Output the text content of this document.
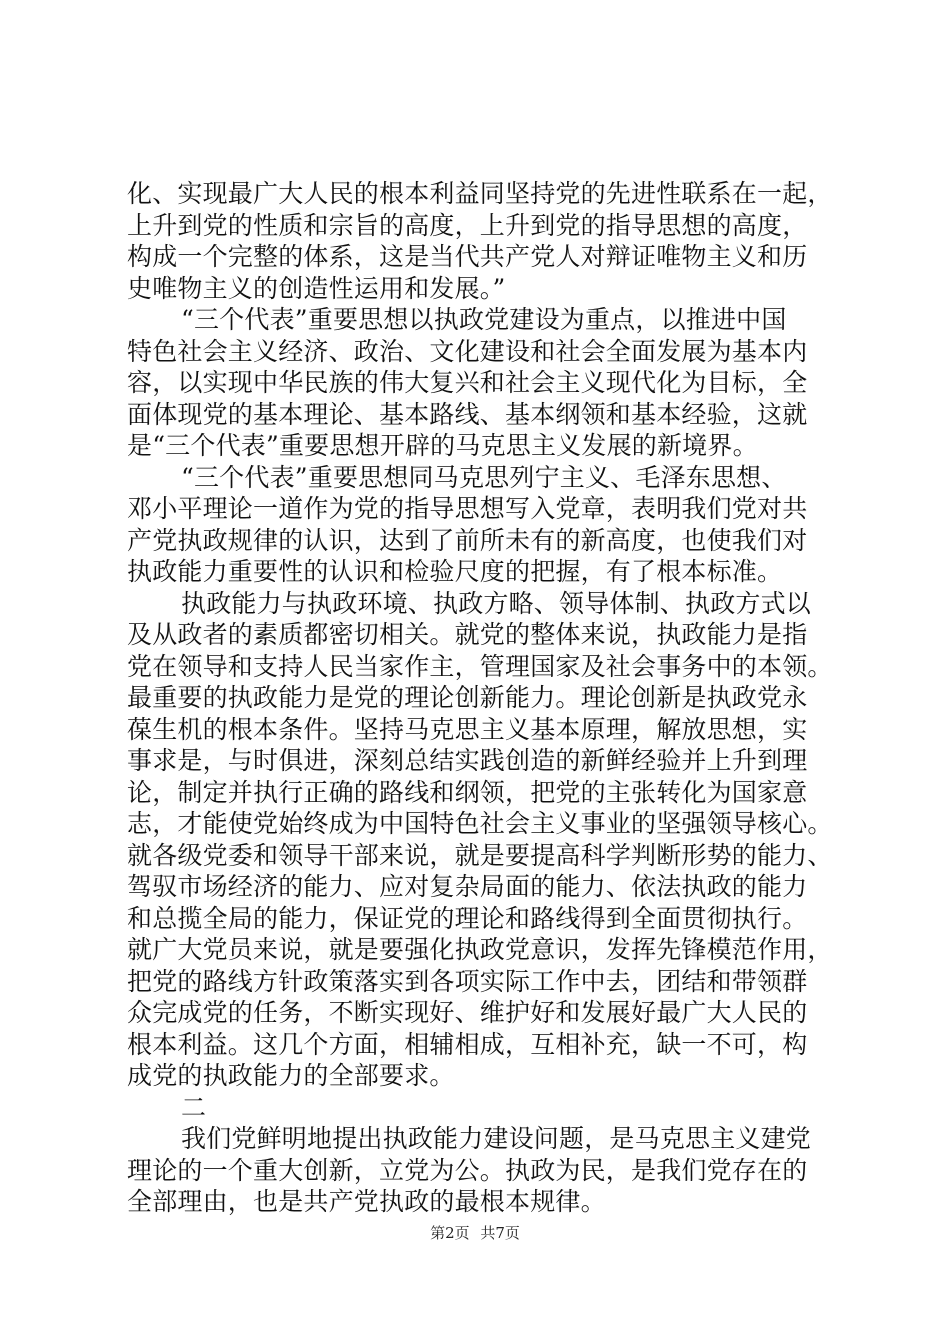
化、实现最广大人民的根本利益同坚持党的先进性联系在一起，
上升到党的性质和宗旨的高度，上升到党的指导思想的高度，
构成一个完整的体系，这是当代共产党人对辩证唯物主义和历
史唯物主义的创造性运用和发展。”
“三个代表”重要思想以执政党建设为重点，以推进中国
特色社会主义经济、政治、文化建设和社会全面发展为基本内
容，以实现中华民族的伟大复兴和社会主义现代化为目标，全
面体现党的基本理论、基本路线、基本纲领和基本经验，这就
是“三个代表”重要思想开辟的马克思主义发展的新境界。
“三个代表”重要思想同马克思列宁主义、毛泽东思想、
邓小平理论一道作为党的指导思想写入党章，表明我们党对共
产党执政规律的认识，达到了前所未有的新高度，也使我们对
执政能力重要性的认识和检验尺度的把握，有了根本标准。
执政能力与执政环境、执政方略、领导体制、执政方式以
及从政者的素质都密切相关。就党的整体来说，执政能力是指
党在领导和支持人民当家作主，管理国家及社会事务中的本领。
最重要的执政能力是党的理论创新能力。理论创新是执政党永
葆生机的根本条件。坚持马克思主义基本原理，解放思想，实
事求是，与时俱进，深刻总结实践创造的新鲜经验并上升到理
论，制定并执行正确的路线和纲领，把党的主张转化为国家意
志，才能使党始终成为中国特色社会主义事业的坚强领导核心。
就各级党委和领导干部来说，就是要提高科学判断形势的能力、
驾驭市场经济的能力、应对复杂局面的能力、依法执政的能力
和总揽全局的能力，保证党的理论和路线得到全面贯彻执行。
就广大党员来说，就是要强化执政党意识，发挥先锋模范作用，
把党的路线方针政策落实到各项实际工作中去，团结和带领群
众完成党的任务，不断实现好、维护好和发展好最广大人民的
根本利益。这几个方面，相辅相成，互相补充，缺一不可，构
成党的执政能力的全部要求。
二
我们党鲜明地提出执政能力建设问题，是马克思主义建党
理论的一个重大创新，立党为公。执政为民，是我们党存在的
全部理由，也是共产党执政的最根本规律。
第2页 共7页
